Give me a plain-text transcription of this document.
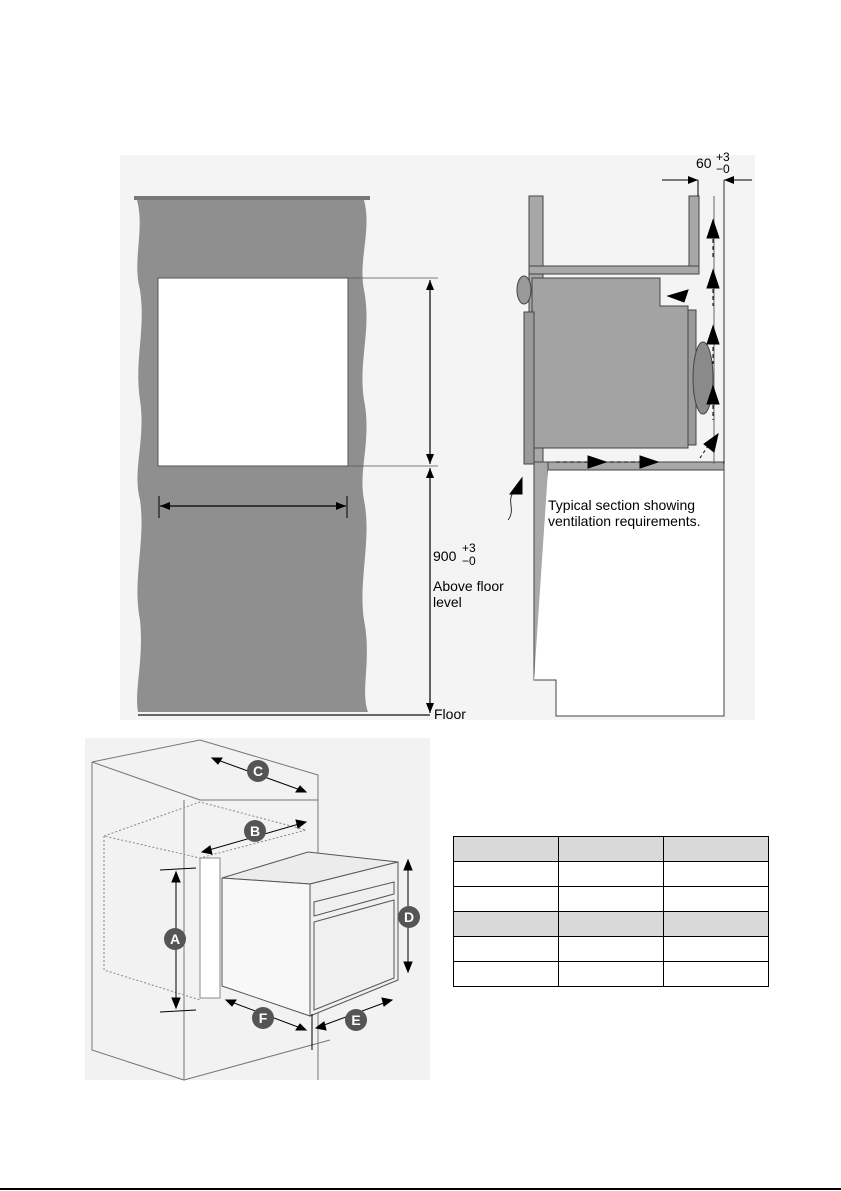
900 +3
−0
Above floor level
Floor
60 +3
−0
Typical section showing ventilation requirements.
A
B
C
D
E
F
